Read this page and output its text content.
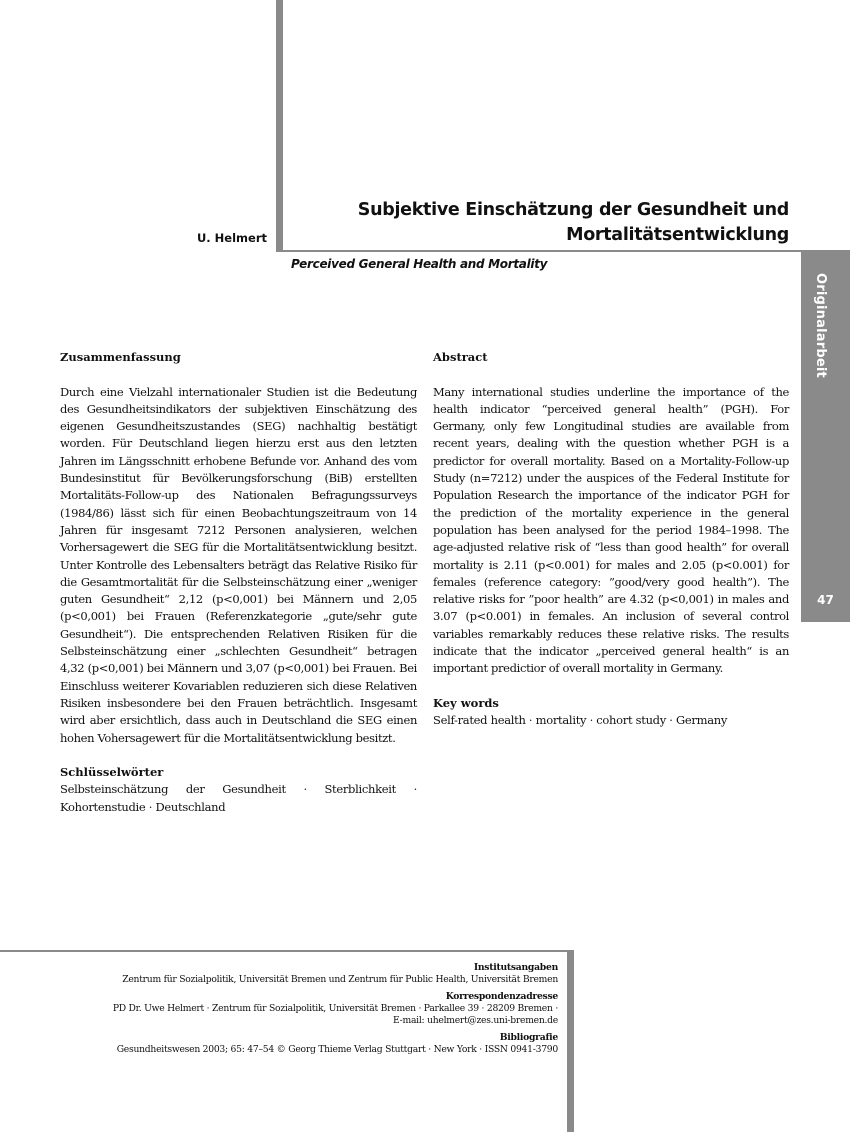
Originalarbeit
47
U. Helmert
Subjektive Einschätzung der Gesundheit und
Mortalitätsentwicklung
Perceived General Health and Mortality
Zusammenfassung

Durch eine Vielzahl internationaler Studien ist die Bedeutung des Gesundheitsindikators der subjektiven Einschätzung des eigenen Gesundheitszustandes (SEG) nachhaltig bestätigt worden. Für Deutschland liegen hierzu erst aus den letzten Jahren im Längsschnitt erhobene Befunde vor. Anhand des vom Bundesinstitut für Bevölkerungsforschung (BiB) erstellten Mortalitäts-Follow-up des Nationalen Befragungssurveys (1984/86) lässt sich für einen Beobachtungszeitraum von 14 Jahren für insgesamt 7212 Personen analysieren, welchen Vorhersagewert die SEG für die Mortalitätsentwicklung besitzt. Unter Kontrolle des Lebensalters beträgt das Relative Risiko für die Gesamtmortalität für die Selbsteinschätzung einer „weniger guten Gesundheit“ 2,12 (p<0,001) bei Männern und 2,05 (p<0,001) bei Frauen (Referenzkategorie „gute/sehr gute Gesundheit“). Die entsprechenden Relativen Risiken für die Selbsteinschätzung einer „schlechten Gesundheit“ betragen 4,32 (p<0,001) bei Männern und 3,07 (p<0,001) bei Frauen. Bei Einschluss weiterer Kovariablen reduzieren sich diese Relativen Risiken insbesondere bei den Frauen beträchtlich. Insgesamt wird aber ersichtlich, dass auch in Deutschland die SEG einen hohen Vohersagewert für die Mortalitätsentwicklung besitzt.

Schlüsselwörter

Selbsteinschätzung der Gesundheit · Sterblichkeit · Kohortenstudie · Deutschland

Abstract

Many international studies underline the importance of the health indicator “perceived general health” (PGH). For Germany, only few Longitudinal studies are available from recent years, dealing with the question whether PGH is a predictor for overall mortality. Based on a Mortality-Follow-up Study (n=7212) under the auspices of the Federal Institute for Population Research the importance of the indicator PGH for the prediction of the mortality experience in the general population has been analysed for the period 1984–1998. The age-adjusted relative risk of “less than good health” for overall mortality is 2.11 (p<0.001) for males and 2.05 (p<0.001) for females (reference category: ”good/very good health”). The relative risks for ”poor health” are 4.32 (p<0,001) in males and 3.07 (p<0.001) in females. An inclusion of several control variables remarkably reduces these relative risks. The results indicate that the indicator „perceived general health“ is an important predictior of overall mortality in Germany.

Key words

Self-rated health · mortality · cohort study · Germany

Institutsangaben
Zentrum für Sozialpolitik, Universität Bremen und Zentrum für Public Health, Universität Bremen
Korrespondenzadresse
PD Dr. Uwe Helmert · Zentrum für Sozialpolitik, Universität Bremen · Parkallee 39 · 28209 Bremen ·
E-mail: uhelmert@zes.uni-bremen.de
Bibliografie
Gesundheitswesen 2003; 65: 47–54 © Georg Thieme Verlag Stuttgart · New York · ISSN 0941-3790
